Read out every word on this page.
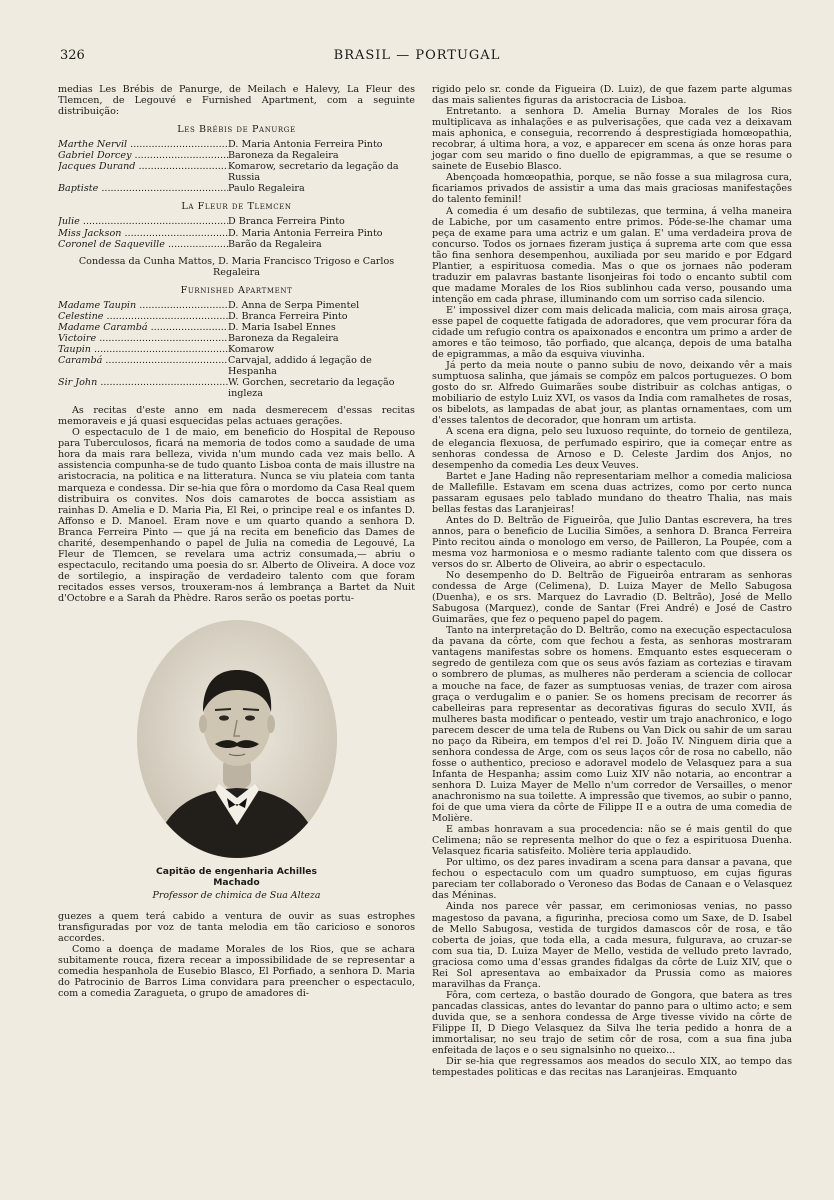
326	BRASIL — PORTUGAL

medias Les Brébis de Panurge, de Meilach e Halevy, La Fleur des Tlemcen, de Legouvé e Furnished Apartment, com a seguinte distribuição:

Les Brébis de Panurge
Marthe Nervil .....	D. Maria Antonia Ferreira Pinto
Gabriel Dorcey .....	Baroneza da Regaleira
Jacques Durand .....	Komarow, secretario da legação da Russia
Baptiste .....	Paulo Regaleira
La Fleur de Tlemcen
Julie .....	D Branca Ferreira Pinto
Miss Jackson .....	D. Maria Antonia Ferreira Pinto
Coronel de Saqueville .....	Barão da Regaleira
Condessa da Cunha Mattos, D. Maria Francisco Trigoso e Carlos Regaleira
Furnished Apartment
Madame Taupin .....	D. Anna de Serpa Pimentel
Celestine .....	D. Branca Ferreira Pinto
Madame Carambá .....	D. Maria Isabel Ennes
Victoire .....	Baroneza da Regaleira
Taupin .....	Komarow
Carambá .....	Carvajal, addido á legação de Hespanha
Sir John .....	W. Gorchen, secretario da legação ingleza

As recitas d'este anno em nada desmerecem d'essas recitas memoraveis e já quasi esquecidas pelas actuaes gerações.

O espectaculo de 1 de maio, em beneficio do Hospital de Repouso para Tuberculosos, ficará na memoria de todos como a saudade de uma hora da mais rara belleza, vivida n'um mundo cada vez mais bello. A assistencia compunha-se de tudo quanto Lisboa conta de mais illustre na aristocracia, na politica e na litteratura. Nunca se viu plateia com tanta marqueza e condessa. Dir se-hia que fôra o mordomo da Casa Real quem distribuira os convites. Nos dois camarotes de bocca assistiam as rainhas D. Amelia e D. Maria Pia, El Rei, o principe real e os infantes D. Affonso e D. Manoel. Eram nove e um quarto quando a senhora D. Branca Ferreira Pinto — que já na recita em beneficio das Dames de charité, desempenhando o papel de Julia na comedia de Legouvé, La Fleur de Tlemcen, se revelara uma actriz consumada,— abriu o espectaculo, recitando uma poesia do sr. Alberto de Oliveira. A doce voz de sortilegio, a inspiração de verdadeiro talento com que foram recitados esses versos, trouxeram-nos á lembrança a Bartet da Nuit d'Octobre e a Sarah da Phèdre. Raros serão os poetas portu-

Capitão de engenharia Achilles Machado
Professor de chimica de Sua Alteza

guezes a quem terá cabido a ventura de ouvir as suas estrophes transfiguradas por voz de tanta melodia em tão caricioso e sonoros accordes.

Como a doença de madame Morales de los Rios, que se achara subitamente rouca, fizera recear a impossibilidade de se representar a comedia hespanhola de Eusebio Blasco, El Porfiado, a senhora D. Maria do Patrocinio de Barros Lima convidara para preencher o espectaculo, com a comedia Zaragueta, o grupo de amadores di-

rigido pelo sr. conde da Figueira (D. Luiz), de que fazem parte algumas das mais salientes figuras da aristocracia de Lisboa.

Entretanto. a senhora D. Amelia Burnay Morales de los Rios multiplicava as inhalações e as pulverisações, que cada vez a deixavam mais aphonica, e conseguia, recorrendo á desprestigiada homœopathia, recobrar, á ultima hora, a voz, e apparecer em scena ás onze horas para jogar com seu marido o fino duello de epigrammas, a que se resume o sainete de Eusebio Blasco.

Abençoada homœopathia, porque, se não fosse a sua milagrosa cura, ficariamos privados de assistir a uma das mais graciosas manifestações do talento feminil!

A comedia é um desafio de subtilezas, que termina, á velha maneira de Labiche, por um casamento entre primos. Póde-se-lhe chamar uma peça de exame para uma actriz e um galan. E' uma verdadeira prova de concurso. Todos os jornaes fizeram justiça á suprema arte com que essa tão fina senhora desempenhou, auxiliada por seu marido e por Edgard Plantier, a espirituosa comedia. Mas o que os jornaes não poderam traduzir em palavras bastante lisonjeiras foi todo o encanto subtil com que madame Morales de los Rios sublinhou cada verso, pousando uma intenção em cada phrase, illuminando com um sorriso cada silencio.

E' impossivel dizer com mais delicada malicia, com mais airosa graça, esse papel de coquette fatigada de adoradores, que vem procurar fóra da cidade um refugio contra os apaixonados e encontra um primo a arder de amores e tão teimoso, tão porfiado, que alcança, depois de uma batalha de epigrammas, a mão da esquiva viuvinha.

Já perto da meia noute o panno subiu de novo, deixando vêr a mais sumptuosa salinha, que jámais se compôz em palcos portuguezes. O bom gosto do sr. Alfredo Guimarães soube distribuir as colchas antigas, o mobiliario de estylo Luiz XVI, os vasos da India com ramalhetes de rosas, os bibelots, as lampadas de abat jour, as plantas ornamentaes, com um d'esses talentos de decorador, que honram um artista.

A scena era digna, pelo seu luxuoso requinte, do torneio de gentileza, de elegancia flexuosa, de perfumado espiriro, que ia começar entre as senhoras condessa de Arnoso e D. Celeste Jardim dos Anjos, no desempenho da comedia Les deux Veuves.

Bartet e Jane Hading não representariam melhor a comedia maliciosa de Mallefille. Estavam em scena duas actrizes, como por certo nunca passaram egusaes pelo tablado mundano do theatro Thalia, nas mais bellas festas das Laranjeiras!

Antes do D. Beltrão de Figueirôa, que Julio Dantas escrevera, ha tres annos, para o beneficio de Lucilia Simões, a senhora D. Branca Ferreira Pinto recitou ainda o monologo em verso, de Pailleron, La Poupée, com a mesma voz harmoniosa e o mesmo radiante talento com que dissera os versos do sr. Alberto de Oliveira, ao abrir o espectaculo.

No desempenho do D. Beltrão de Figueirôa entraram as senhoras condessa de Arge (Celimena), D. Luiza Mayer de Mello Sabugosa (Duenha), e os srs. Marquez do Lavradio (D. Beltrão), José de Mello Sabugosa (Marquez), conde de Santar (Frei André) e José de Castro Guimarães, que fez o pequeno papel do pagem.

Tanto na interpretação do D. Beltrão, como na execução espectaculosa da pavana da côrte, com que fechou a festa, as senhoras mostraram vantagens manifestas sobre os homens. Emquanto estes esqueceram o segredo de gentileza com que os seus avós faziam as cortezias e tiravam o sombrero de plumas, as mulheres não perderam a sciencia de collocar a mouche na face, de fazer as sumptuosas venias, de trazer com airosa graça o verdugalim e o panier. Se os homens precisam de recorrer ás cabelleiras para representar as decorativas figuras do seculo XVII, ás mulheres basta modificar o penteado, vestir um trajo anachronico, e logo parecem descer de uma tela de Rubens ou Van Dick ou sahir de um sarau no paço da Ribeira, em tempos d'el rei D. João IV. Ninguem diria que a senhora condessa de Arge, com os seus laços côr de rosa no cabello, não fosse o authentico, precioso e adoravel modelo de Velasquez para a sua Infanta de Hespanha; assim como Luiz XIV não notaria, ao encontrar a senhora D. Luiza Mayer de Mello n'um corredor de Versailles, o menor anachronismo na sua toilette. A impressão que tivemos, ao subir o panno, foi de que uma viera da côrte de Filippe II e a outra de uma comedia de Molière.

E ambas honravam a sua procedencia: não se é mais gentil do que Celimena; não se representa melhor do que o fez a espirituosa Duenha. Velasquez ficaria satisfeito. Molière teria applaudido.

Por ultimo, os dez pares invadiram a scena para dansar a pavana, que fechou o espectaculo com um quadro sumptuoso, em cujas figuras pareciam ter collaborado o Veroneso das Bodas de Canaan e o Velasquez das Méninas.

Ainda nos parece vêr passar, em cerimoniosas venias, no passo magestoso da pavana, a figurinha, preciosa como um Saxe, de D. Isabel de Mello Sabugosa, vestida de turgidos damascos côr de rosa, e tão coberta de joias, que toda ella, a cada mesura, fulgurava, ao cruzar-se com sua tia, D. Luiza Mayer de Mello, vestida de velludo preto lavrado, graciosa como uma d'essas grandes fidalgas da côrte de Luiz XIV, que o Rei Sol apresentava ao embaixador da Prussia como as maiores maravilhas da França.

Fôra, com certeza, o bastão dourado de Gongora, que batera as tres pancadas classicas, antes do levantar do panno para o ultimo acto; e sem duvida que, se a senhora condessa de Arge tivesse vivido na côrte de Filippe II, D Diego Velasquez da Silva lhe teria pedido a honra de a immortalisar, no seu trajo de setim côr de rosa, com a sua fina juba enfeitada de laços e o seu signalsinho no queixo...

Dir se-hia que regressamos aos meados do seculo XIX, ao tempo das tempestades politicas e das recitas nas Laranjeiras. Emquanto
